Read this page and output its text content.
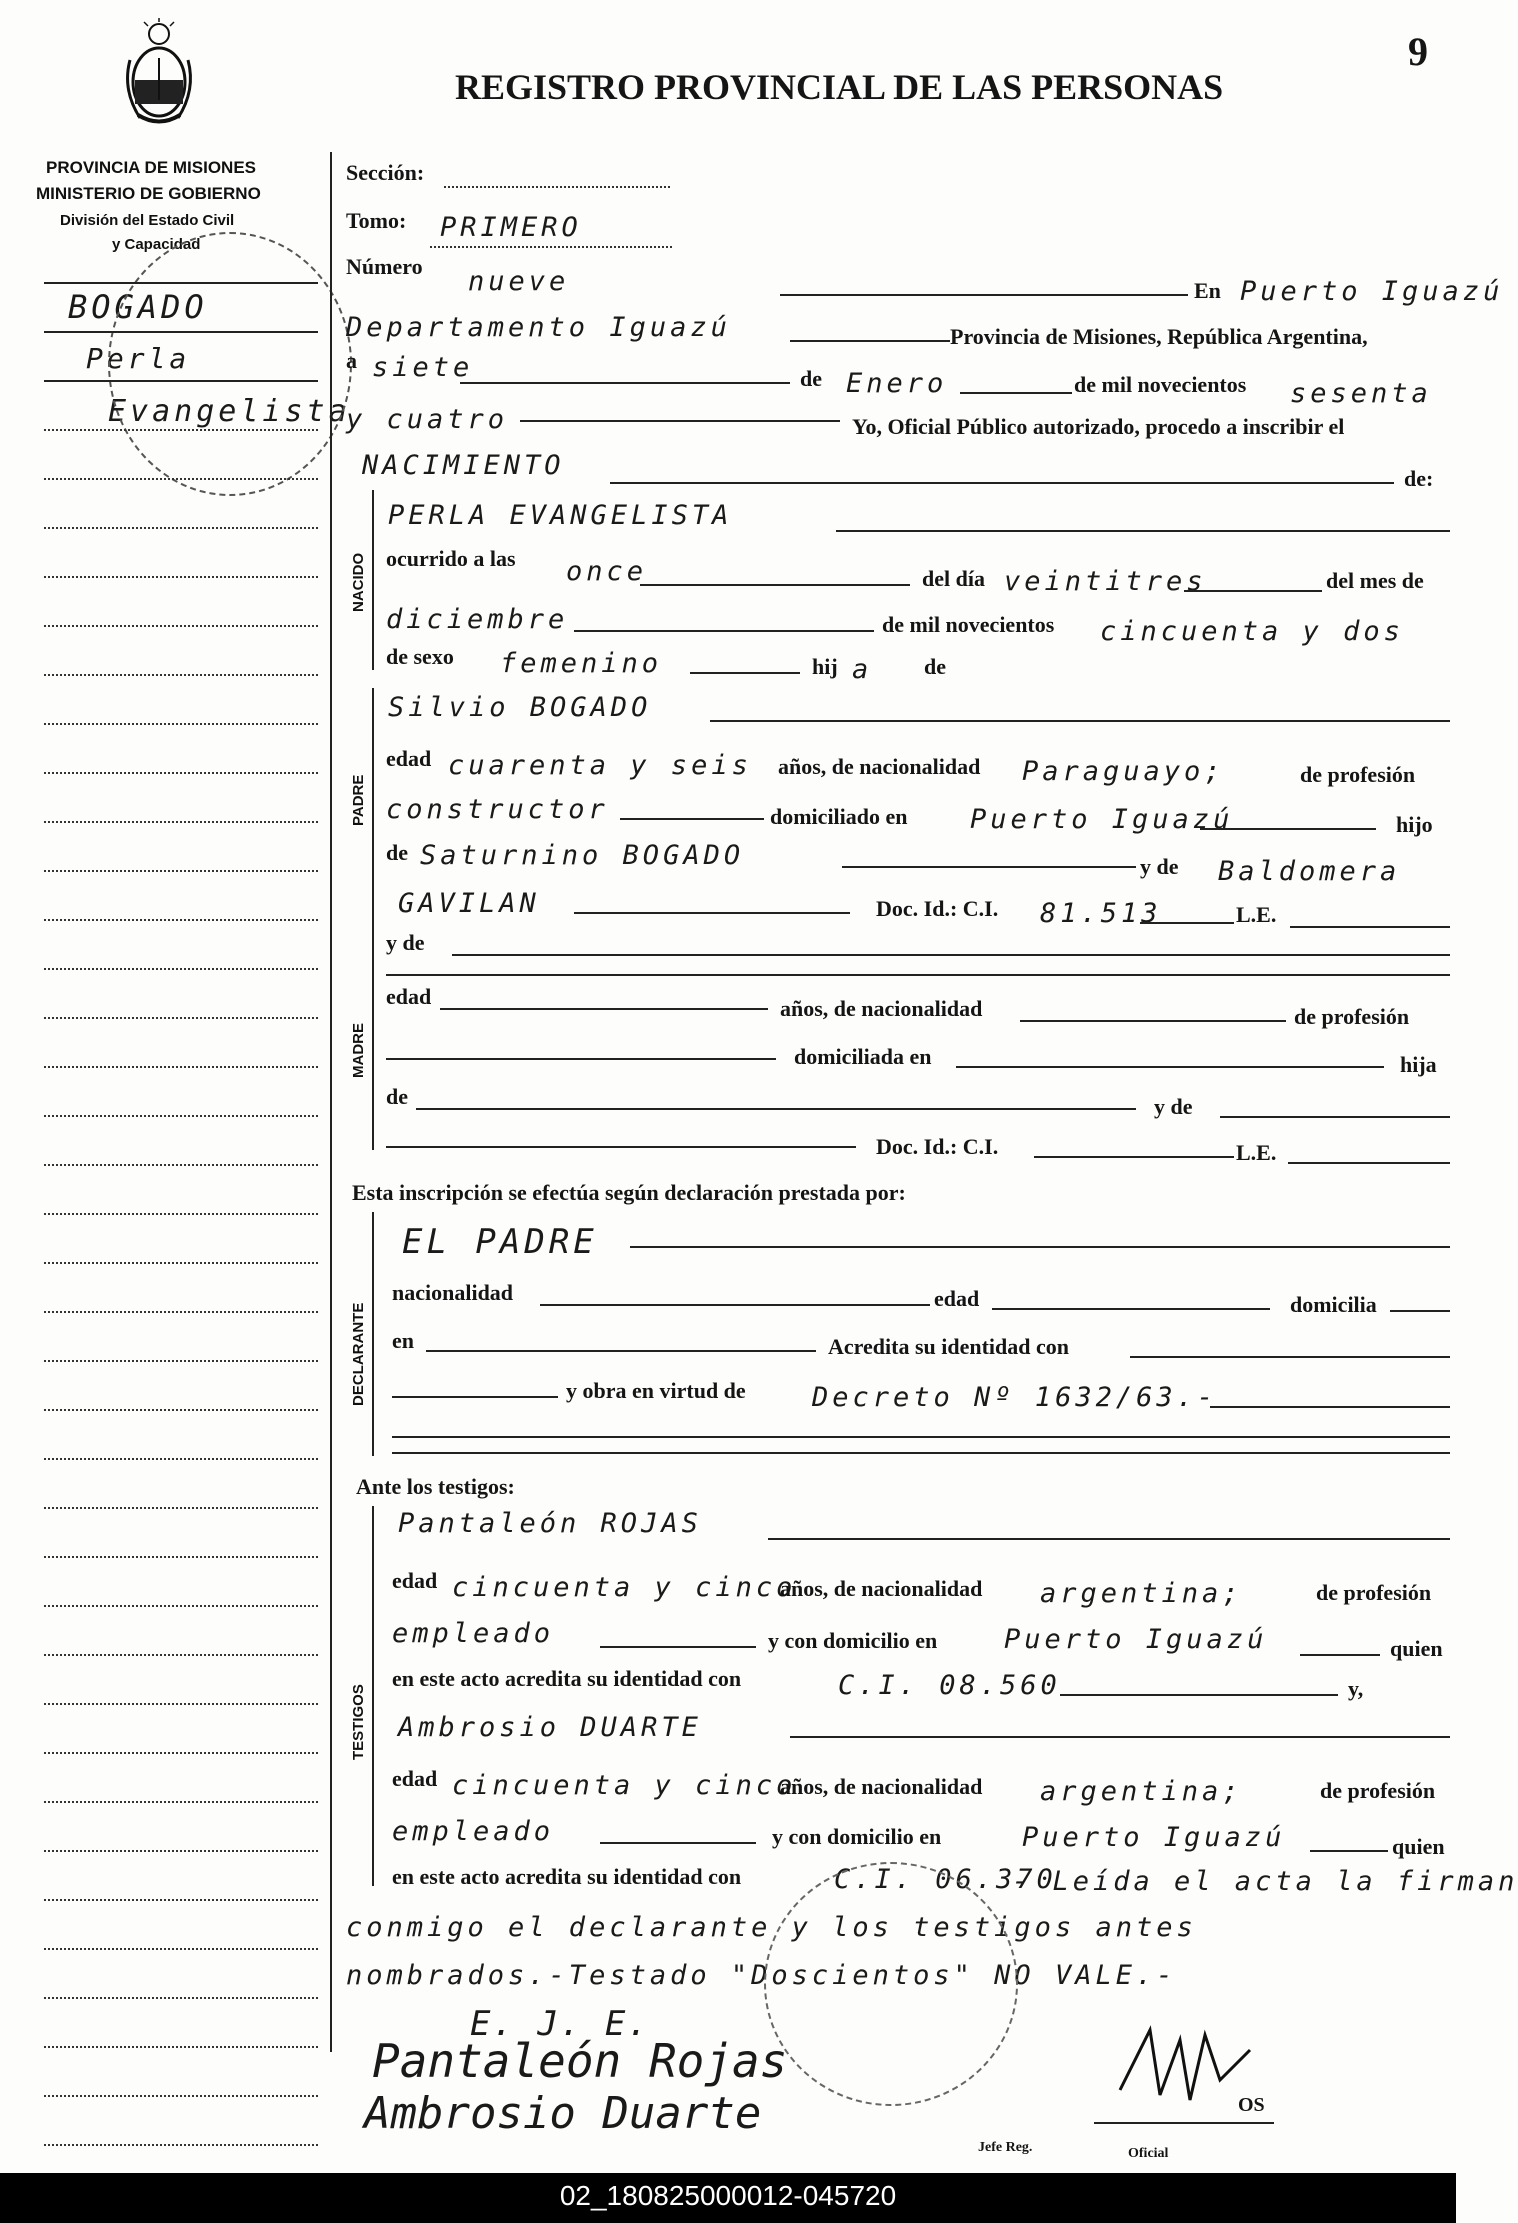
REGISTRO PROVINCIAL DE LAS PERSONAS
9
PROVINCIA DE MISIONES
MINISTERIO DE GOBIERNO
División del Estado Civil
y Capacidad
BOGADO
Perla
Evangelista
Sección:
Tomo: PRIMERO
Número nueve	En Puerto Iguazú
Departamento Iguazú	Provincia de Misiones, República Argentina,
a siete	de Enero	de mil novecientos sesenta
y cuatro	Yo, Oficial Público autorizado, procedo a inscribir el
NACIMIENTO	de:
NACIDO
PERLA EVANGELISTA
ocurrido a las once	del día veintitres	del mes de
diciembre	de mil novecientos cincuenta y dos
de sexo femenino	hij a de
PADRE
Silvio BOGADO
edad cuarenta y seis años, de nacionalidad Paraguayo;	de profesión
constructor	domiciliado en Puerto Iguazú	hijo
de Saturnino BOGADO	y de Baldomera
GAVILAN	Doc. Id.: C.I. 81.513	L.E.
MADRE
y de
edad	años, de nacionalidad	de profesión
domiciliada en	hija
de	y de
Doc. Id.: C.I.	L.E.
Esta inscripción se efectúa según declaración prestada por:
DECLARANTE
EL PADRE
nacionalidad	edad	domicilia
en	Acredita su identidad con
y obra en virtud de Decreto Nº 1632/63.-
Ante los testigos:
TESTIGOS
Pantaleón ROJAS
edad cincuenta y cinco
años, de nacionalidad argentina;	de profesión
empleado	y con domicilio en Puerto Iguazú	quien
en este acto acredita su identidad con	C.I. 08.560	y,
Ambrosio DUARTE
edad cincuenta y cinco
años, de nacionalidad argentina;	de profesión
empleado	y con domicilio en	Puerto Iguazú	quien
en este acto acredita su identidad con	C.I. 06.370
- Leída el acta la firman
conmigo el declarante y los testigos antes
nombrados.-Testado "Doscientos" NO VALE.-
E. J. E.
Pantaleón Rojas
Ambrosio Duarte	OS
Jefe Reg.	Oficial
02_180825000012-045720
